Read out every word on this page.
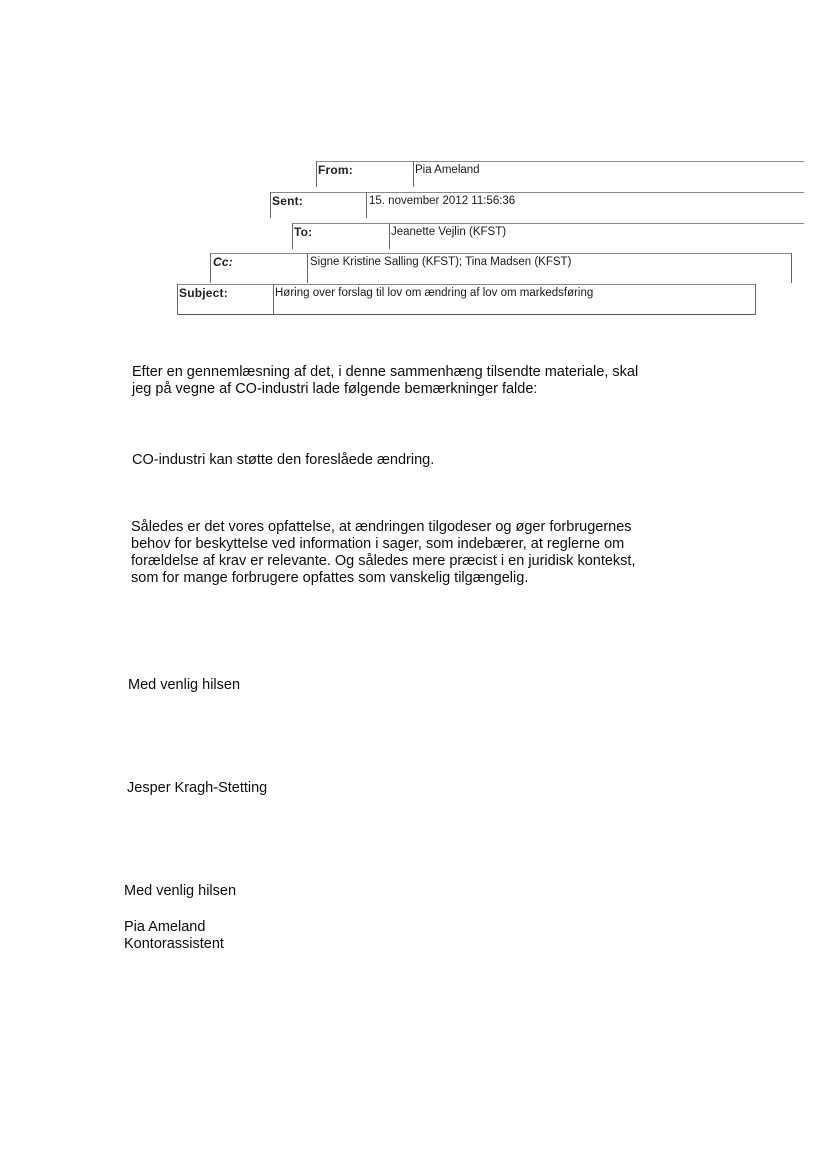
From:	Pia Ameland
Sent:	15. november 2012 11:56:36
To:	Jeanette Vejlin (KFST)
Cc:	Signe Kristine Salling (KFST); Tina Madsen (KFST)
Subject:	Høring over forslag til lov om ændring af lov om markedsføring
Efter en gennemlæsning af det, i denne sammenhæng tilsendte materiale, skal
jeg på vegne af CO-industri lade følgende bemærkninger falde:
CO-industri kan støtte den foreslåede ændring.
Således er det vores opfattelse, at ændringen tilgodeser og øger forbrugernes
behov for beskyttelse ved information i sager, som indebærer, at reglerne om
forældelse af krav er relevante. Og således mere præcist i en juridisk kontekst,
som for mange forbrugere opfattes som vanskelig tilgængelig.
Med venlig hilsen
Jesper Kragh-Stetting
Med venlig hilsen
Pia Ameland
Kontorassistent
